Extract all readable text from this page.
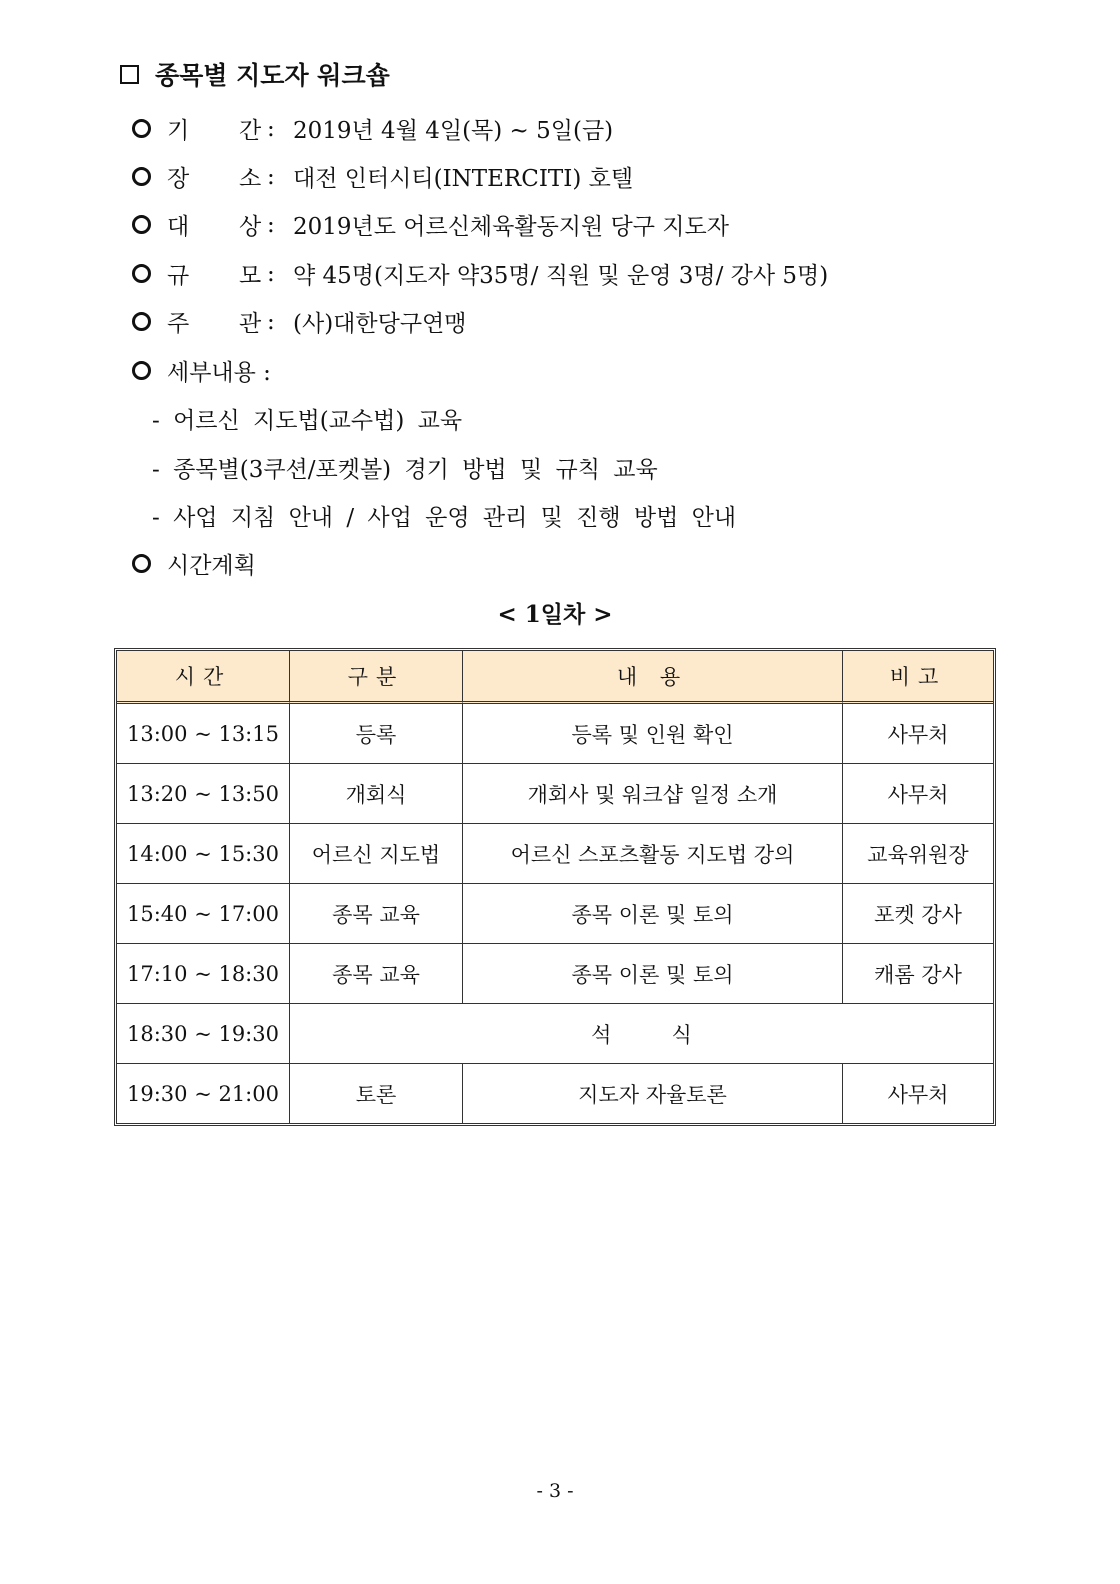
종목별 지도자 워크숍
기	간 : 2019년 4월 4일(목) ~ 5일(금)
장	소 : 대전 인터시티(INTERCITI) 호텔
대	상 : 2019년도 어르신체육활동지원 당구 지도자
규	모 : 약 45명(지도자 약35명/ 직원 및 운영 3명/ 강사 5명)
주	관 : (사)대한당구연맹
세부내용 :
- 어르신 지도법(교수법) 교육
- 종목별(3쿠션/포켓볼) 경기 방법 및 규칙 교육
- 사업 지침 안내 / 사업 운영 관리 및 진행 방법 안내
시간계획
< 1일차 >
시간	구분	내 용	비고
13:00 ~ 13:15	등록	등록 및 인원 확인	사무처
13:20 ~ 13:50	개회식	개회사 및 워크샵 일정 소개	사무처
14:00 ~ 15:30	어르신 지도법	어르신 스포츠활동 지도법 강의	교육위원장
15:40 ~ 17:00	종목 교육	종목 이론 및 토의	포켓 강사
17:10 ~ 18:30	종목 교육	종목 이론 및 토의	캐롬 강사
18:30 ~ 19:30	석         식		
19:30 ~ 21:00	토론	지도자 자율토론	사무처
- 3 -
